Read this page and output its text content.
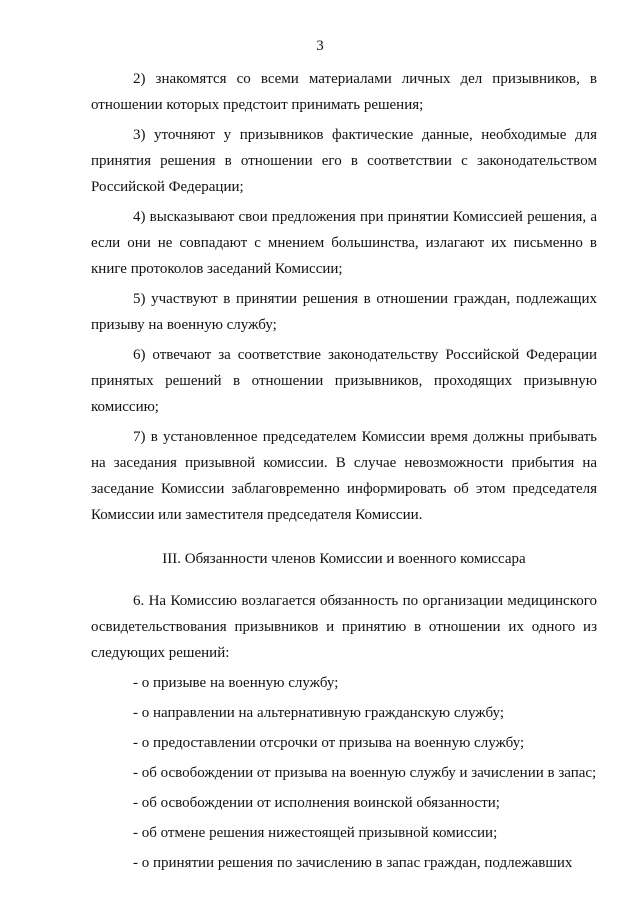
3

2) знакомятся со всеми материалами личных дел призывников, в отношении которых предстоит принимать решения;

3) уточняют у призывников фактические данные, необходимые для принятия решения в отношении его в соответствии с законодательством Российской Федерации;

4) высказывают свои предложения при принятии Комиссией решения, а если они не совпадают с мнением большинства, излагают их письменно в книге протоколов заседаний Комиссии;

5) участвуют в принятии решения в отношении граждан, подлежащих призыву на военную службу;

6) отвечают за соответствие законодательству Российской Федерации принятых решений в отношении призывников, проходящих призывную комиссию;

7) в установленное председателем Комиссии время должны прибывать на заседания призывной комиссии. В случае невозможности прибытия на заседание Комиссии заблаговременно информировать об этом председателя Комиссии или заместителя председателя Комиссии.

III. Обязанности членов Комиссии и военного комиссара

6. На Комиссию возлагается обязанность по организации медицинского освидетельствования призывников и принятию в отношении их одного из следующих решений:

- о призыве на военную службу;

- о направлении на альтернативную гражданскую службу;

- о предоставлении отсрочки от призыва на военную службу;

- об освобождении от призыва на военную службу и зачислении в запас;

- об освобождении от исполнения воинской обязанности;

- об отмене решения нижестоящей призывной комиссии;

- о принятии решения по зачислению в запас граждан, подлежавших
